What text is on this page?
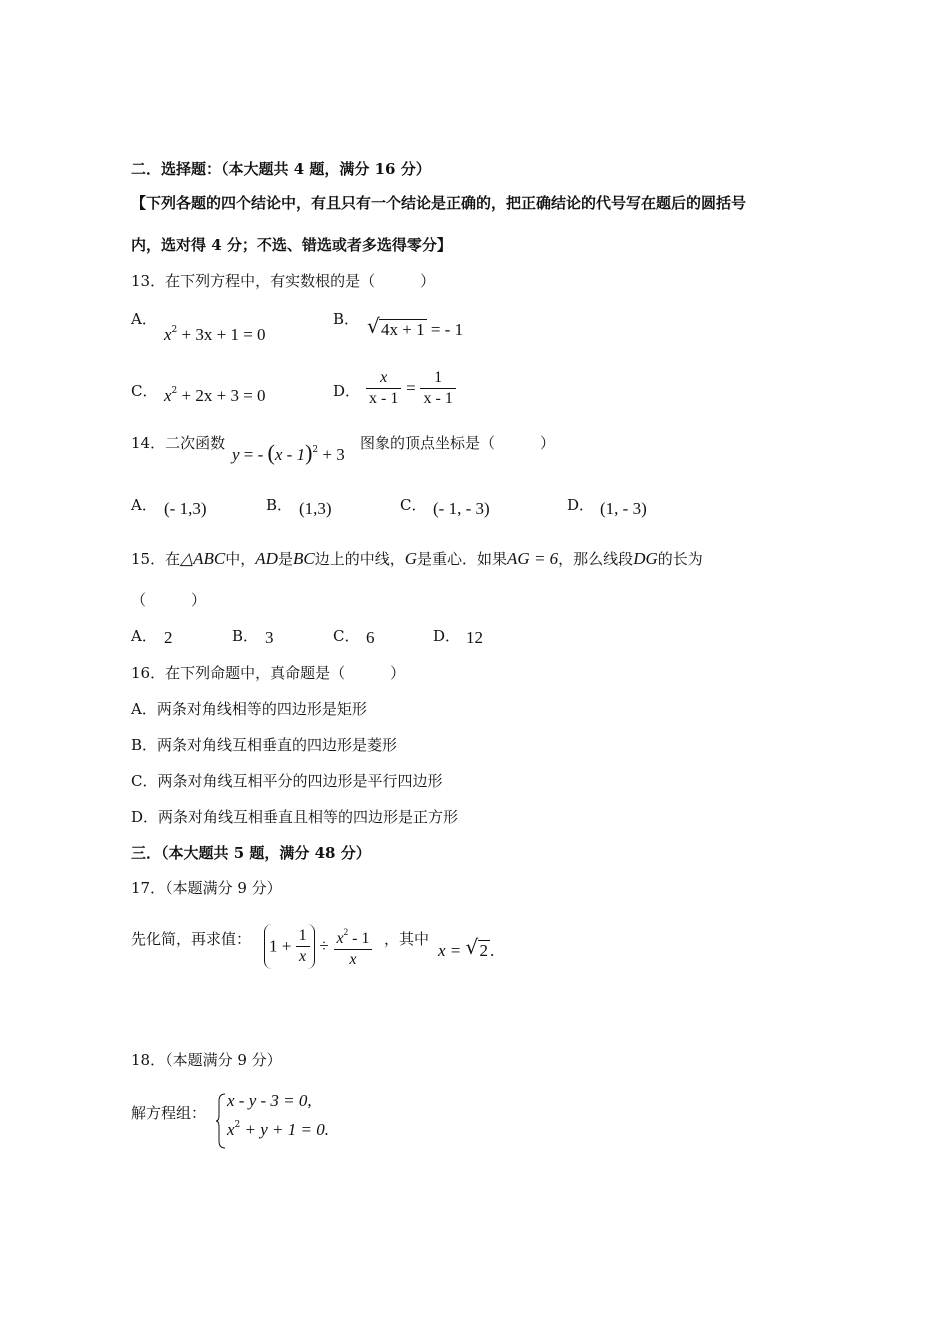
二．选择题：（本大题共 4 题，满分 16 分）
【下列各题的四个结论中，有且只有一个结论是正确的，把正确结论的代号写在题后的圆括号
内，选对得 4 分；不选、错选或者多选得零分】
13．在下列方程中，有实数根的是（　　　）
A．
$x^2 + 3x + 1 = 0$
B． √ 4x + 1 = - 1
C． $x^2 + 2x + 3 = 0$	D． $\frac{x}{x - 1} = \frac{1}{x - 1}$
14．二次函数
y = - (x - 1)$^2$ + 3
图象的顶点坐标是（　　　）
A． (- 1,3)	B． (1,3)	C． (- 1, - 3)	D． (1, - 3)
15．在△ABC中，AD是BC边上的中线，G是重心．如果AG = 6，那么线段DG的长为
（　　　）
A． 2	B． 3	C． 6	D． 12
16．在下列命题中，真命题是（　　　）
A．两条对角线相等的四边形是矩形
B．两条对角线互相垂直的四边形是菱形
C．两条对角线互相平分的四边形是平行四边形
D．两条对角线互相垂直且相等的四边形是正方形
三．（本大题共 5 题，满分 48 分）
17．（本题满分 9 分）
先化简，再求值： $1 + \frac{1}{x} \div \frac{x^2 - 1}{x}$ ，其中
x = √ 2 .
18．（本题满分 9 分）
解方程组：
x - y - 3 = 0,
$x^2 + y + 1 = 0$.
